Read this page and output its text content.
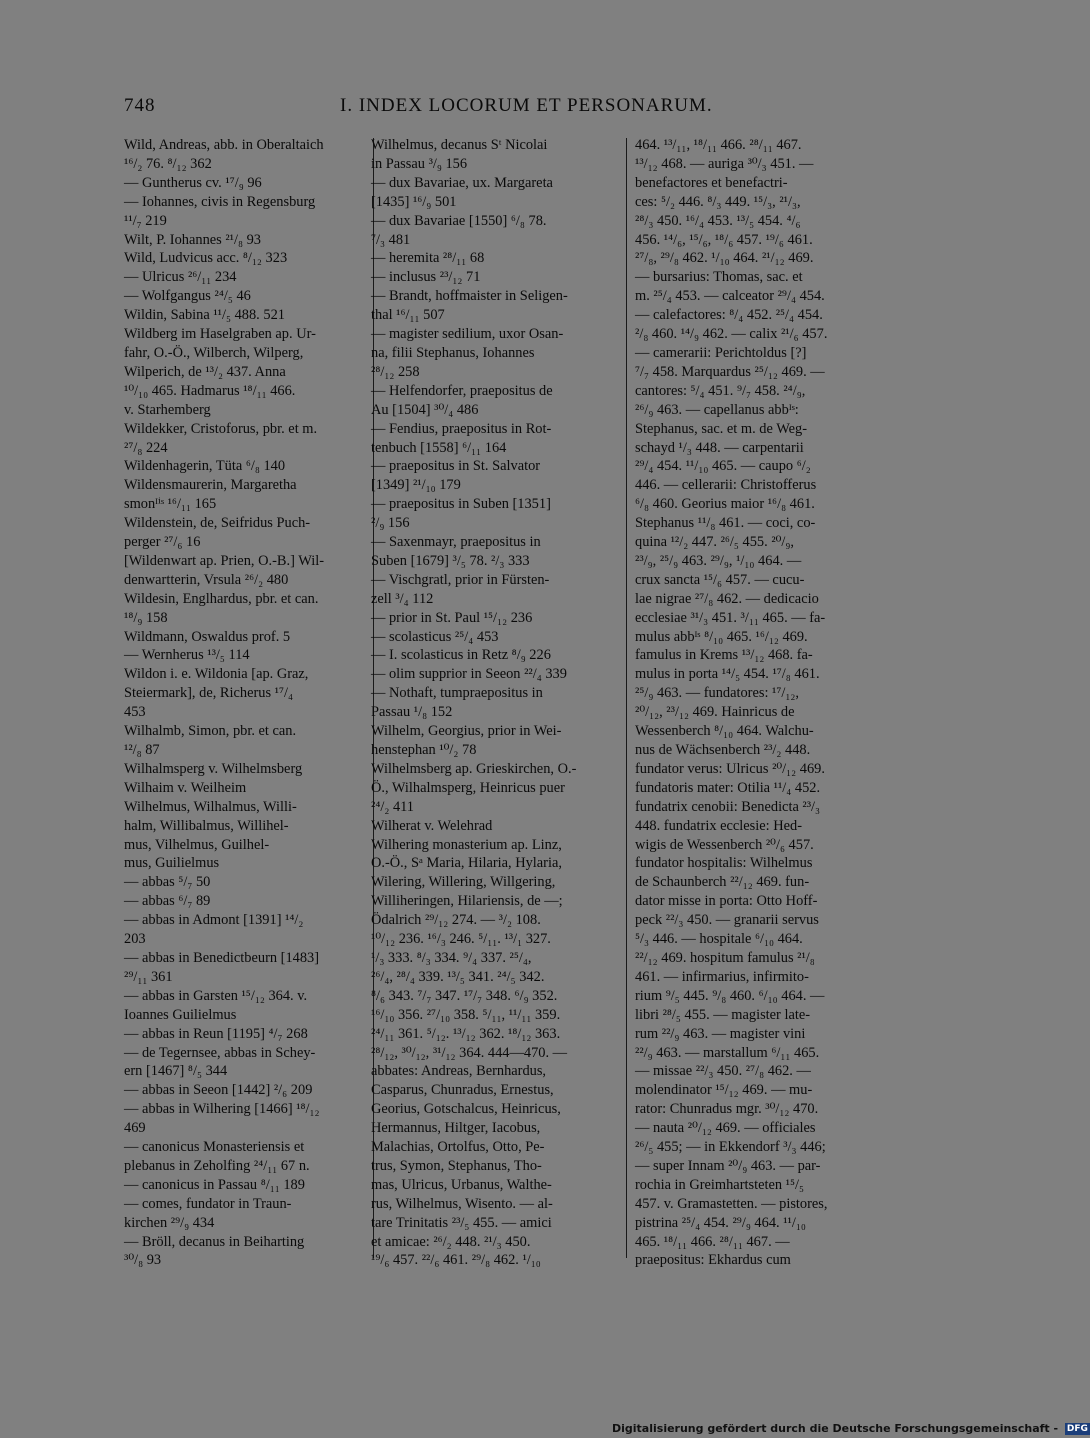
748	I. INDEX LOCORUM ET PERSONARUM.
Wild, Andreas, abb. in Oberaltaich
¹⁶/₂ 76. ⁸/₁₂ 362
— Guntherus cv. ¹⁷/₉ 96
— Iohannes, civis in Regensburg
¹¹/₇ 219
Wilt, P. Iohannes ²¹/₈ 93
Wild, Ludvicus acc. ⁸/₁₂ 323
— Ulricus ²⁶/₁₁ 234
— Wolfgangus ²⁴/₅ 46
Wildin, Sabina ¹¹/₅ 488. 521
Wildberg im Haselgraben ap. Ur-
fahr, O.-Ö., Wilberch, Wilperg,
Wilperich, de ¹³/₂ 437. Anna
¹⁰/₁₀ 465. Hadmarus ¹⁸/₁₁ 466.
v. Starhemberg
Wildekker, Cristoforus, pbr. et m.
²⁷/₈ 224
Wildenhagerin, Tüta ⁶/₈ 140
Wildensmaurerin, Margaretha
smonᴵⁱˢ ¹⁶/₁₁ 165
Wildenstein, de, Seifridus Puch-
perger ²⁷/₆ 16
[Wildenwart ap. Prien, O.-B.] Wil-
denwartterin, Vrsula ²⁶/₂ 480
Wildesin, Englhardus, pbr. et can.
¹⁸/₉ 158
Wildmann, Oswaldus prof. 5
— Wernherus ¹³/₅ 114
Wildon i. e. Wildonia [ap. Graz,
Steiermark], de, Richerus ¹⁷/₄
453
Wilhalmb, Simon, pbr. et can.
¹²/₈ 87
Wilhalmsperg v. Wilhelmsberg
Wilhaim v. Weilheim
Wilhelmus, Wilhalmus, Willi-
halm, Willibalmus, Willihel-
mus, Vilhelmus, Guilhel-
mus, Guilielmus
— abbas ⁵/₇ 50
— abbas ⁶/₇ 89
— abbas in Admont [1391] ¹⁴/₂
203
— abbas in Benedictbeurn [1483]
²⁹/₁₁ 361
— abbas in Garsten ¹⁵/₁₂ 364. v.
Ioannes Guilielmus
— abbas in Reun [1195] ⁴/₇ 268
— de Tegernsee, abbas in Schey-
ern [1467] ⁸/₅ 344
— abbas in Seeon [1442] ²/₆ 209
— abbas in Wilhering [1466] ¹⁸/₁₂
469
— canonicus Monasteriensis et
plebanus in Zeholfing ²⁴/₁₁ 67 n.
— canonicus in Passau ⁸/₁₁ 189
— comes, fundator in Traun-
kirchen ²⁹/₉ 434
— Bröll, decanus in Beiharting
³⁰/₈ 93
Wilhelmus, decanus Sᵗ Nicolai
in Passau ³/₉ 156
— dux Bavariae, ux. Margareta
[1435] ¹⁶/₉ 501
— dux Bavariae [1550] ⁶/₈ 78.
⁷/₃ 481
— heremita ²⁸/₁₁ 68
— inclusus ²³/₁₂ 71
— Brandt, hoffmaister in Seligen-
thal ¹⁶/₁₁ 507
— magister sedilium, uxor Osan-
na, filii Stephanus, Iohannes
²⁸/₁₂ 258
— Helfendorfer, praepositus de
Au [1504] ³⁰/₄ 486
— Fendius, praepositus in Rot-
tenbuch [1558] ⁶/₁₁ 164
— praepositus in St. Salvator
[1349] ²¹/₁₀ 179
— praepositus in Suben [1351]
²/₉ 156
— Saxenmayr, praepositus in
Suben [1679] ³/₅ 78. ²/₃ 333
— Vischgratl, prior in Fürsten-
zell ³/₄ 112
— prior in St. Paul ¹⁵/₁₂ 236
— scolasticus ²⁵/₄ 453
— I. scolasticus in Retz ⁸/₉ 226
— olim supprior in Seeon ²²/₄ 339
— Nothaft, tumpraepositus in
Passau ¹/₈ 152
Wilhelm, Georgius, prior in Wei-
henstephan ¹⁰/₂ 78
Wilhelmsberg ap. Grieskirchen, O.-
Ö., Wilhalmsperg, Heinricus puer
²⁴/₂ 411
Wilherat v. Welehrad
Wilhering monasterium ap. Linz,
O.-Ö., Sᵃ Maria, Hilaria, Hylaria,
Wilering, Willering, Willgering,
Williheringen, Hilariensis, de —;
Ödalrich ²⁹/₁₂ 274. — ³/₂ 108.
¹⁰/₁₂ 236. ¹⁶/₃ 246. ⁵/₁₁. ¹³/₁ 327.
¹/₃ 333. ⁸/₃ 334. ⁹/₄ 337. ²⁵/₄,
²⁶/₄, ²⁸/₄ 339. ¹³/₅ 341. ²⁴/₅ 342.
⁸/₆ 343. ⁷/₇ 347. ¹⁷/₇ 348. ⁶/₉ 352.
¹⁶/₁₀ 356. ²⁷/₁₀ 358. ⁵/₁₁, ¹¹/₁₁ 359.
²⁴/₁₁ 361. ⁵/₁₂. ¹³/₁₂ 362. ¹⁸/₁₂ 363.
²⁸/₁₂, ³⁰/₁₂, ³¹/₁₂ 364. 444—470. —
abbates: Andreas, Bernhardus,
Casparus, Chunradus, Ernestus,
Georius, Gotschalcus, Heinricus,
Hermannus, Hiltger, Iacobus,
Malachias, Ortolfus, Otto, Pe-
trus, Symon, Stephanus, Tho-
mas, Ulricus, Urbanus, Walthe-
rus, Wilhelmus, Wisento. — al-
tare Trinitatis ²³/₅ 455. — amici
et amicae: ²⁶/₂ 448. ²¹/₃ 450.
¹⁹/₆ 457. ²²/₆ 461. ²⁹/₈ 462. ¹/₁₀
464. ¹³/₁₁, ¹⁸/₁₁ 466. ²⁸/₁₁ 467.
¹³/₁₂ 468. — auriga ³⁰/₃ 451. —
benefactores et benefactri-
ces: ⁵/₂ 446. ⁸/₃ 449. ¹⁵/₃, ²¹/₃,
²⁸/₃ 450. ¹⁶/₄ 453. ¹³/₅ 454. ⁴/₆
456. ¹⁴/₆, ¹⁵/₆, ¹⁸/₆ 457. ¹⁹/₆ 461.
²⁷/₈, ²⁹/₈ 462. ¹/₁₀ 464. ²¹/₁₂ 469.
— bursarius: Thomas, sac. et
m. ²⁵/₄ 453. — calceator ²⁹/₄ 454.
— calefactores: ⁸/₄ 452. ²⁵/₄ 454.
²/₈ 460. ¹⁴/₉ 462. — calix ²¹/₆ 457.
— camerarii: Perichtoldus [?]
⁷/₇ 458. Marquardus ²⁵/₁₂ 469. —
cantores: ⁵/₄ 451. ⁹/₇ 458. ²⁴/₉,
²⁶/₉ 463. — capellanus abbᴵˢ:
Stephanus, sac. et m. de Weg-
schayd ¹/₃ 448. — carpentarii
²⁹/₄ 454. ¹¹/₁₀ 465. — caupo ⁶/₂
446. — cellerarii: Christofferus
⁶/₈ 460. Georius maior ¹⁶/₈ 461.
Stephanus ¹¹/₈ 461. — coci, co-
quina ¹²/₂ 447. ²⁶/₅ 455. ²⁰/₉,
²³/₉, ²⁵/₉ 463. ²⁹/₉, ¹/₁₀ 464. —
crux sancta ¹⁵/₆ 457. — cucu-
lae nigrae ²⁷/₈ 462. — dedicacio
ecclesiae ³¹/₃ 451. ³/₁₁ 465. — fa-
mulus abbᴵˢ ⁸/₁₀ 465. ¹⁶/₁₂ 469.
famulus in Krems ¹³/₁₂ 468. fa-
mulus in porta ¹⁴/₅ 454. ¹⁷/₈ 461.
²⁵/₉ 463. — fundatores: ¹⁷/₁₂,
²⁰/₁₂, ²³/₁₂ 469. Hainricus de
Wessenberch ⁸/₁₀ 464. Walchu-
nus de Wächsenberch ²³/₂ 448.
fundator verus: Ulricus ²⁰/₁₂ 469.
fundatoris mater: Otilia ¹¹/₄ 452.
fundatrix cenobii: Benedicta ²³/₃
448. fundatrix ecclesie: Hed-
wigis de Wessenberch ²⁰/₆ 457.
fundator hospitalis: Wilhelmus
de Schaunberch ²²/₁₂ 469. fun-
dator misse in porta: Otto Hoff-
peck ²²/₃ 450. — granarii servus
⁵/₃ 446. — hospitale ⁶/₁₀ 464.
²²/₁₂ 469. hospitum famulus ²¹/₈
461. — infirmarius, infirmito-
rium ⁹/₅ 445. ⁹/₈ 460. ⁶/₁₀ 464. —
libri ²⁸/₅ 455. — magister late-
rum ²²/₉ 463. — magister vini
²²/₉ 463. — marstallum ⁶/₁₁ 465.
— missae ²²/₃ 450. ²⁷/₈ 462. —
molendinator ¹⁵/₁₂ 469. — mu-
rator: Chunradus mgr. ³⁰/₁₂ 470.
— nauta ²⁰/₁₂ 469. — officiales
²⁶/₅ 455; — in Ekkendorf ³/₃ 446;
— super Innam ²⁰/₉ 463. — par-
rochia in Greimhartsteten ¹⁵/₅
457. v. Gramastetten. — pistores,
pistrina ²⁵/₄ 454. ²⁹/₉ 464. ¹¹/₁₀
465. ¹⁸/₁₁ 466. ²⁸/₁₁ 467. —
praepositus: Ekhardus cum
Digitalisierung gefördert durch die Deutsche Forschungsgemeinschaft - DFG
